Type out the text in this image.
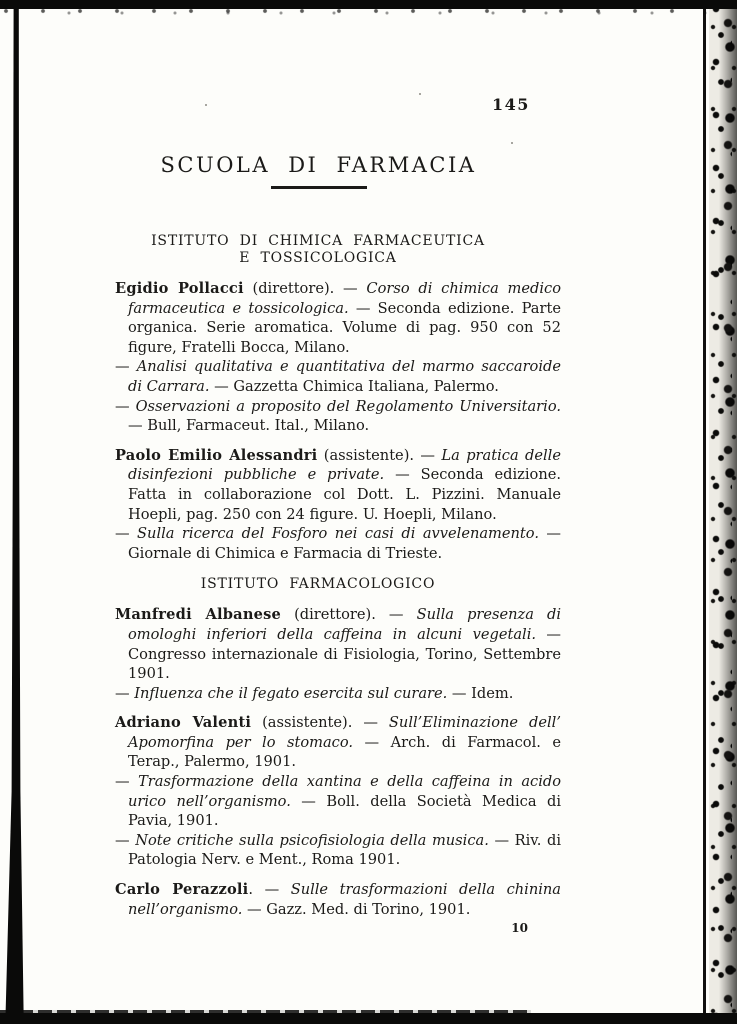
145
SCUOLA DI FARMACIA
ISTITUTO DI CHIMICA FARMACEUTICA
E TOSSICOLOGICA

Egidio Pollacci (direttore). — Corso di chimica medico farmaceutica e tossicologica. — Seconda edizione. Parte organica. Serie aromatica. Volume di pag. 950 con 52 figure, Fratelli Bocca, Milano.

— Analisi qualitativa e quantitativa del marmo saccaroide di Carrara. — Gazzetta Chimica Italiana, Palermo.

— Osservazioni a proposito del Regolamento Universitario. — Bull, Farmaceut. Ital., Milano.

Paolo Emilio Alessandri (assistente). — La pratica delle disinfezioni pubbliche e private. — Seconda edizione. Fatta in collaborazione col Dott. L. Pizzini. Manuale Hoepli, pag. 250 con 24 figure. U. Hoepli, Milano.

— Sulla ricerca del Fosforo nei casi di avvelenamento. — Giornale di Chimica e Farmacia di Trieste.

ISTITUTO FARMACOLOGICO

Manfredi Albanese (direttore). — Sulla presenza di omologhi inferiori della caffeina in alcuni vegetali. — Congresso internazionale di Fisiologia, Torino, Settembre 1901.

— Influenza che il fegato esercita sul curare. — Idem.

Adriano Valenti (assistente). — Sull’Eliminazione dell’ Apomorfina per lo stomaco. — Arch. di Farmacol. e Terap., Palermo, 1901.

— Trasformazione della xantina e della caffeina in acido urico nell’organismo. — Boll. della Società Medica di Pavia, 1901.

— Note critiche sulla psicofisiologia della musica. — Riv. di Patologia Nerv. e Ment., Roma 1901.

Carlo Perazzoli. — Sulle trasformazioni della chinina nell’organismo. — Gazz. Med. di Torino, 1901.

10
